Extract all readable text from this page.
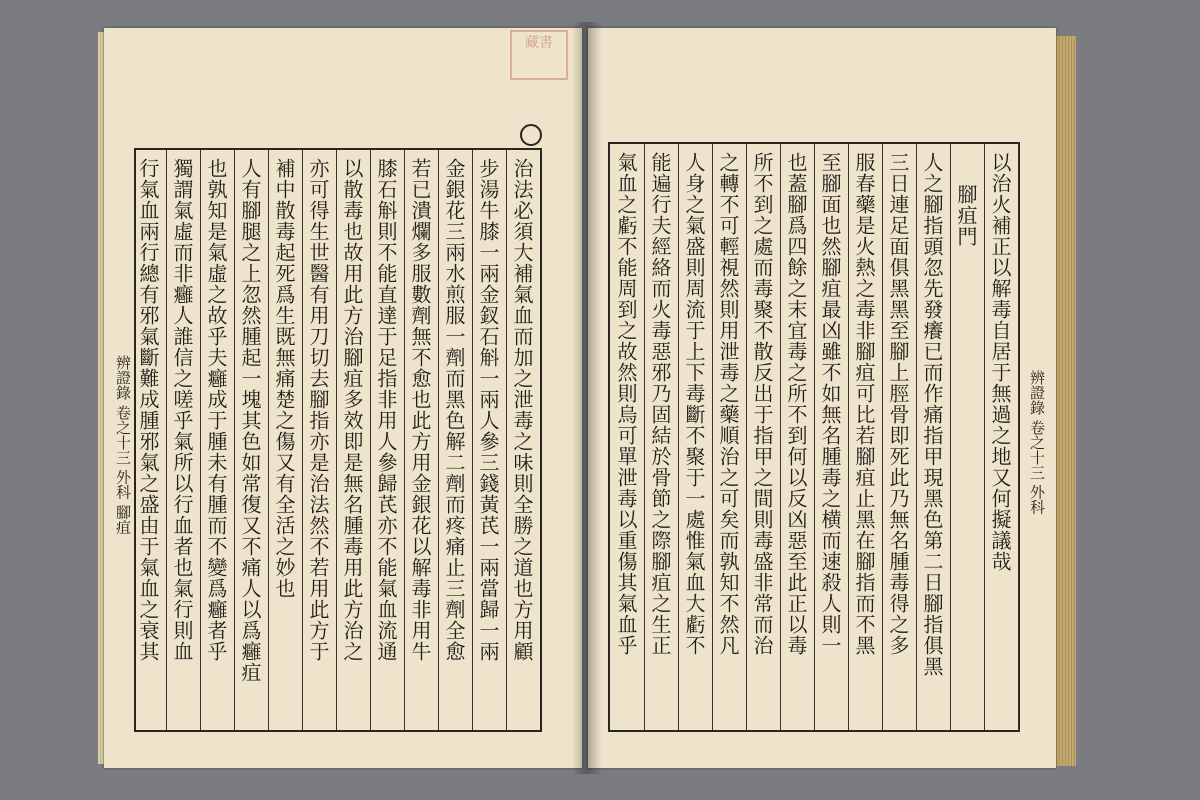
藏書
治法必須大補氣血而加之泄毒之味則全勝之道也方用顧
步湯牛膝一兩金釵石斛一兩人參三錢黃芪一兩當歸一兩
金銀花三兩水煎服一劑而黑色解二劑而疼痛止三劑全愈
若已潰爛多服數劑無不愈也此方用金銀花以解毒非用牛
膝石斛則不能直達于足指非用人參歸芪亦不能氣血流通
以散毒也故用此方治腳疽多效即是無名腫毒用此方治之
亦可得生世醫有用刀切去腳指亦是治法然不若用此方于
補中散毒起死爲生既無痛楚之傷又有全活之妙也
人有腳腿之上忽然腫起一塊其色如常復又不痛人以爲癰疽
也孰知是氣虛之故乎夫癰成于腫未有腫而不變爲癰者乎
獨謂氣虛而非癰人誰信之嗟乎氣所以行血者也氣行則血
行氣血兩行總有邪氣斷難成腫邪氣之盛由于氣血之衰其
辨證錄 卷之十三 外科 腳疽	以治火補正以解毒自居于無過之地又何擬議哉
腳疽門
人之腳指頭忽先發癢已而作痛指甲現黑色第二日腳指俱黑
三日連足面俱黑黑至腳上脛骨即死此乃無名腫毒得之多
服春藥是火熱之毒非腳疽可比若腳疽止黑在腳指而不黑
至腳面也然腳疽最凶雖不如無名腫毒之横而速殺人則一
也蓋腳爲四餘之末宜毒之所不到何以反凶惡至此正以毒
所不到之處而毒聚不散反出于指甲之間則毒盛非常而治
之轉不可輕視然則用泄毒之藥順治之可矣而孰知不然凡
人身之氣盛則周流于上下毒斷不聚于一處惟氣血大虧不
能遍行夫經絡而火毒惡邪乃固結於骨節之際腳疽之生正
氣血之虧不能周到之故然則烏可單泄毒以重傷其氣血乎	辨證錄 卷之十三 外科
